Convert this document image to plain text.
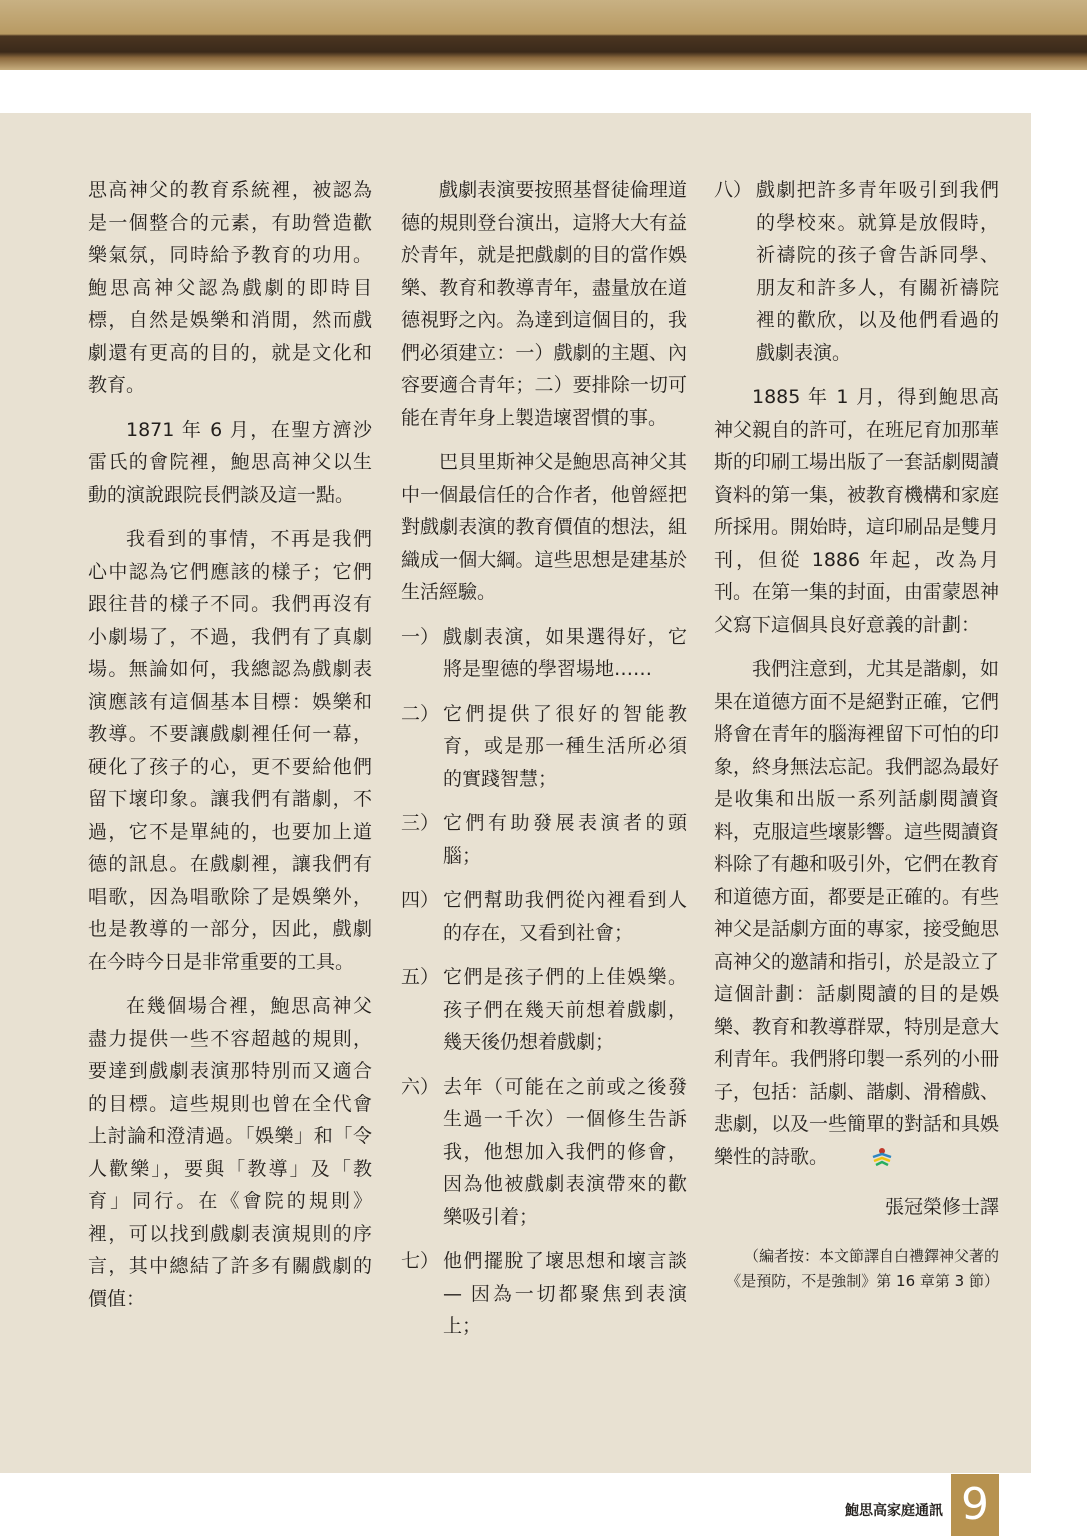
思高神父的教育系統裡，被認為是一個整合的元素，有助營造歡樂氣氛，同時給予教育的功用。鮑思高神父認為戲劇的即時目標，自然是娛樂和消閒，然而戲劇還有更高的目的，就是文化和教育。

1871 年 6 月，在聖方濟沙雷氏的會院裡，鮑思高神父以生動的演說跟院長們談及這一點。

我看到的事情，不再是我們心中認為它們應該的樣子；它們跟往昔的樣子不同。我們再沒有小劇場了，不過，我們有了真劇場。無論如何，我總認為戲劇表演應該有這個基本目標：娛樂和教導。不要讓戲劇裡任何一幕，硬化了孩子的心，更不要給他們留下壞印象。讓我們有諧劇，不過，它不是單純的，也要加上道德的訊息。在戲劇裡，讓我們有唱歌，因為唱歌除了是娛樂外，也是教導的一部分，因此，戲劇在今時今日是非常重要的工具。

在幾個場合裡，鮑思高神父盡力提供一些不容超越的規則，要達到戲劇表演那特別而又適合的目標。這些規則也曾在全代會上討論和澄清過。「娛樂」和「令人歡樂」，要與「教導」及「教育」同行。在《會院的規則》裡，可以找到戲劇表演規則的序言，其中總結了許多有關戲劇的價值：

戲劇表演要按照基督徒倫理道德的規則登台演出，這將大大有益於青年，就是把戲劇的目的當作娛樂、教育和教導青年，盡量放在道德視野之內。為達到這個目的，我們必須建立：一）戲劇的主題、內容要適合青年；二）要排除一切可能在青年身上製造壞習慣的事。

巴貝里斯神父是鮑思高神父其中一個最信任的合作者，他曾經把對戲劇表演的教育價值的想法，組織成一個大綱。這些思想是建基於生活經驗。

一） 戲劇表演，如果選得好，它將是聖德的學習場地……
二） 它們提供了很好的智能教育，或是那一種生活所必須的實踐智慧；
三） 它們有助發展表演者的頭腦；
四） 它們幫助我們從內裡看到人的存在，又看到社會；
五） 它們是孩子們的上佳娛樂。孩子們在幾天前想着戲劇，幾天後仍想着戲劇；
六） 去年（可能在之前或之後發生過一千次）一個修生告訴我，他想加入我們的修會，因為他被戲劇表演帶來的歡樂吸引着；
七） 他們擺脫了壞思想和壞言談 — 因為一切都聚焦到表演上；
八） 戲劇把許多青年吸引到我們的學校來。就算是放假時，祈禱院的孩子會告訴同學、朋友和許多人，有關祈禱院裡的歡欣，以及他們看過的戲劇表演。

1885 年 1 月，得到鮑思高神父親自的許可，在班尼育加那華斯的印刷工場出版了一套話劇閱讀資料的第一集，被教育機構和家庭所採用。開始時，這印刷品是雙月刊，但從 1886 年起，改為月刊。在第一集的封面，由雷蒙恩神父寫下這個具良好意義的計劃：

我們注意到，尤其是諧劇，如果在道德方面不是絕對正確，它們將會在青年的腦海裡留下可怕的印象，終身無法忘記。我們認為最好是收集和出版一系列話劇閱讀資料，克服這些壞影響。這些閱讀資料除了有趣和吸引外，它們在教育和道德方面，都要是正確的。有些神父是話劇方面的專家，接受鮑思高神父的邀請和指引，於是設立了這個計劃：話劇閱讀的目的是娛樂、教育和教導群眾，特別是意大利青年。我們將印製一系列的小冊子，包括：話劇、諧劇、滑稽戲、悲劇，以及一些簡單的對話和具娛樂性的詩歌。

張冠榮修士譯
（編者按：本文節譯自白禮鐸神父著的
《是預防，不是強制》第 16 章第 3 節）
鮑思高家庭通訊 9
